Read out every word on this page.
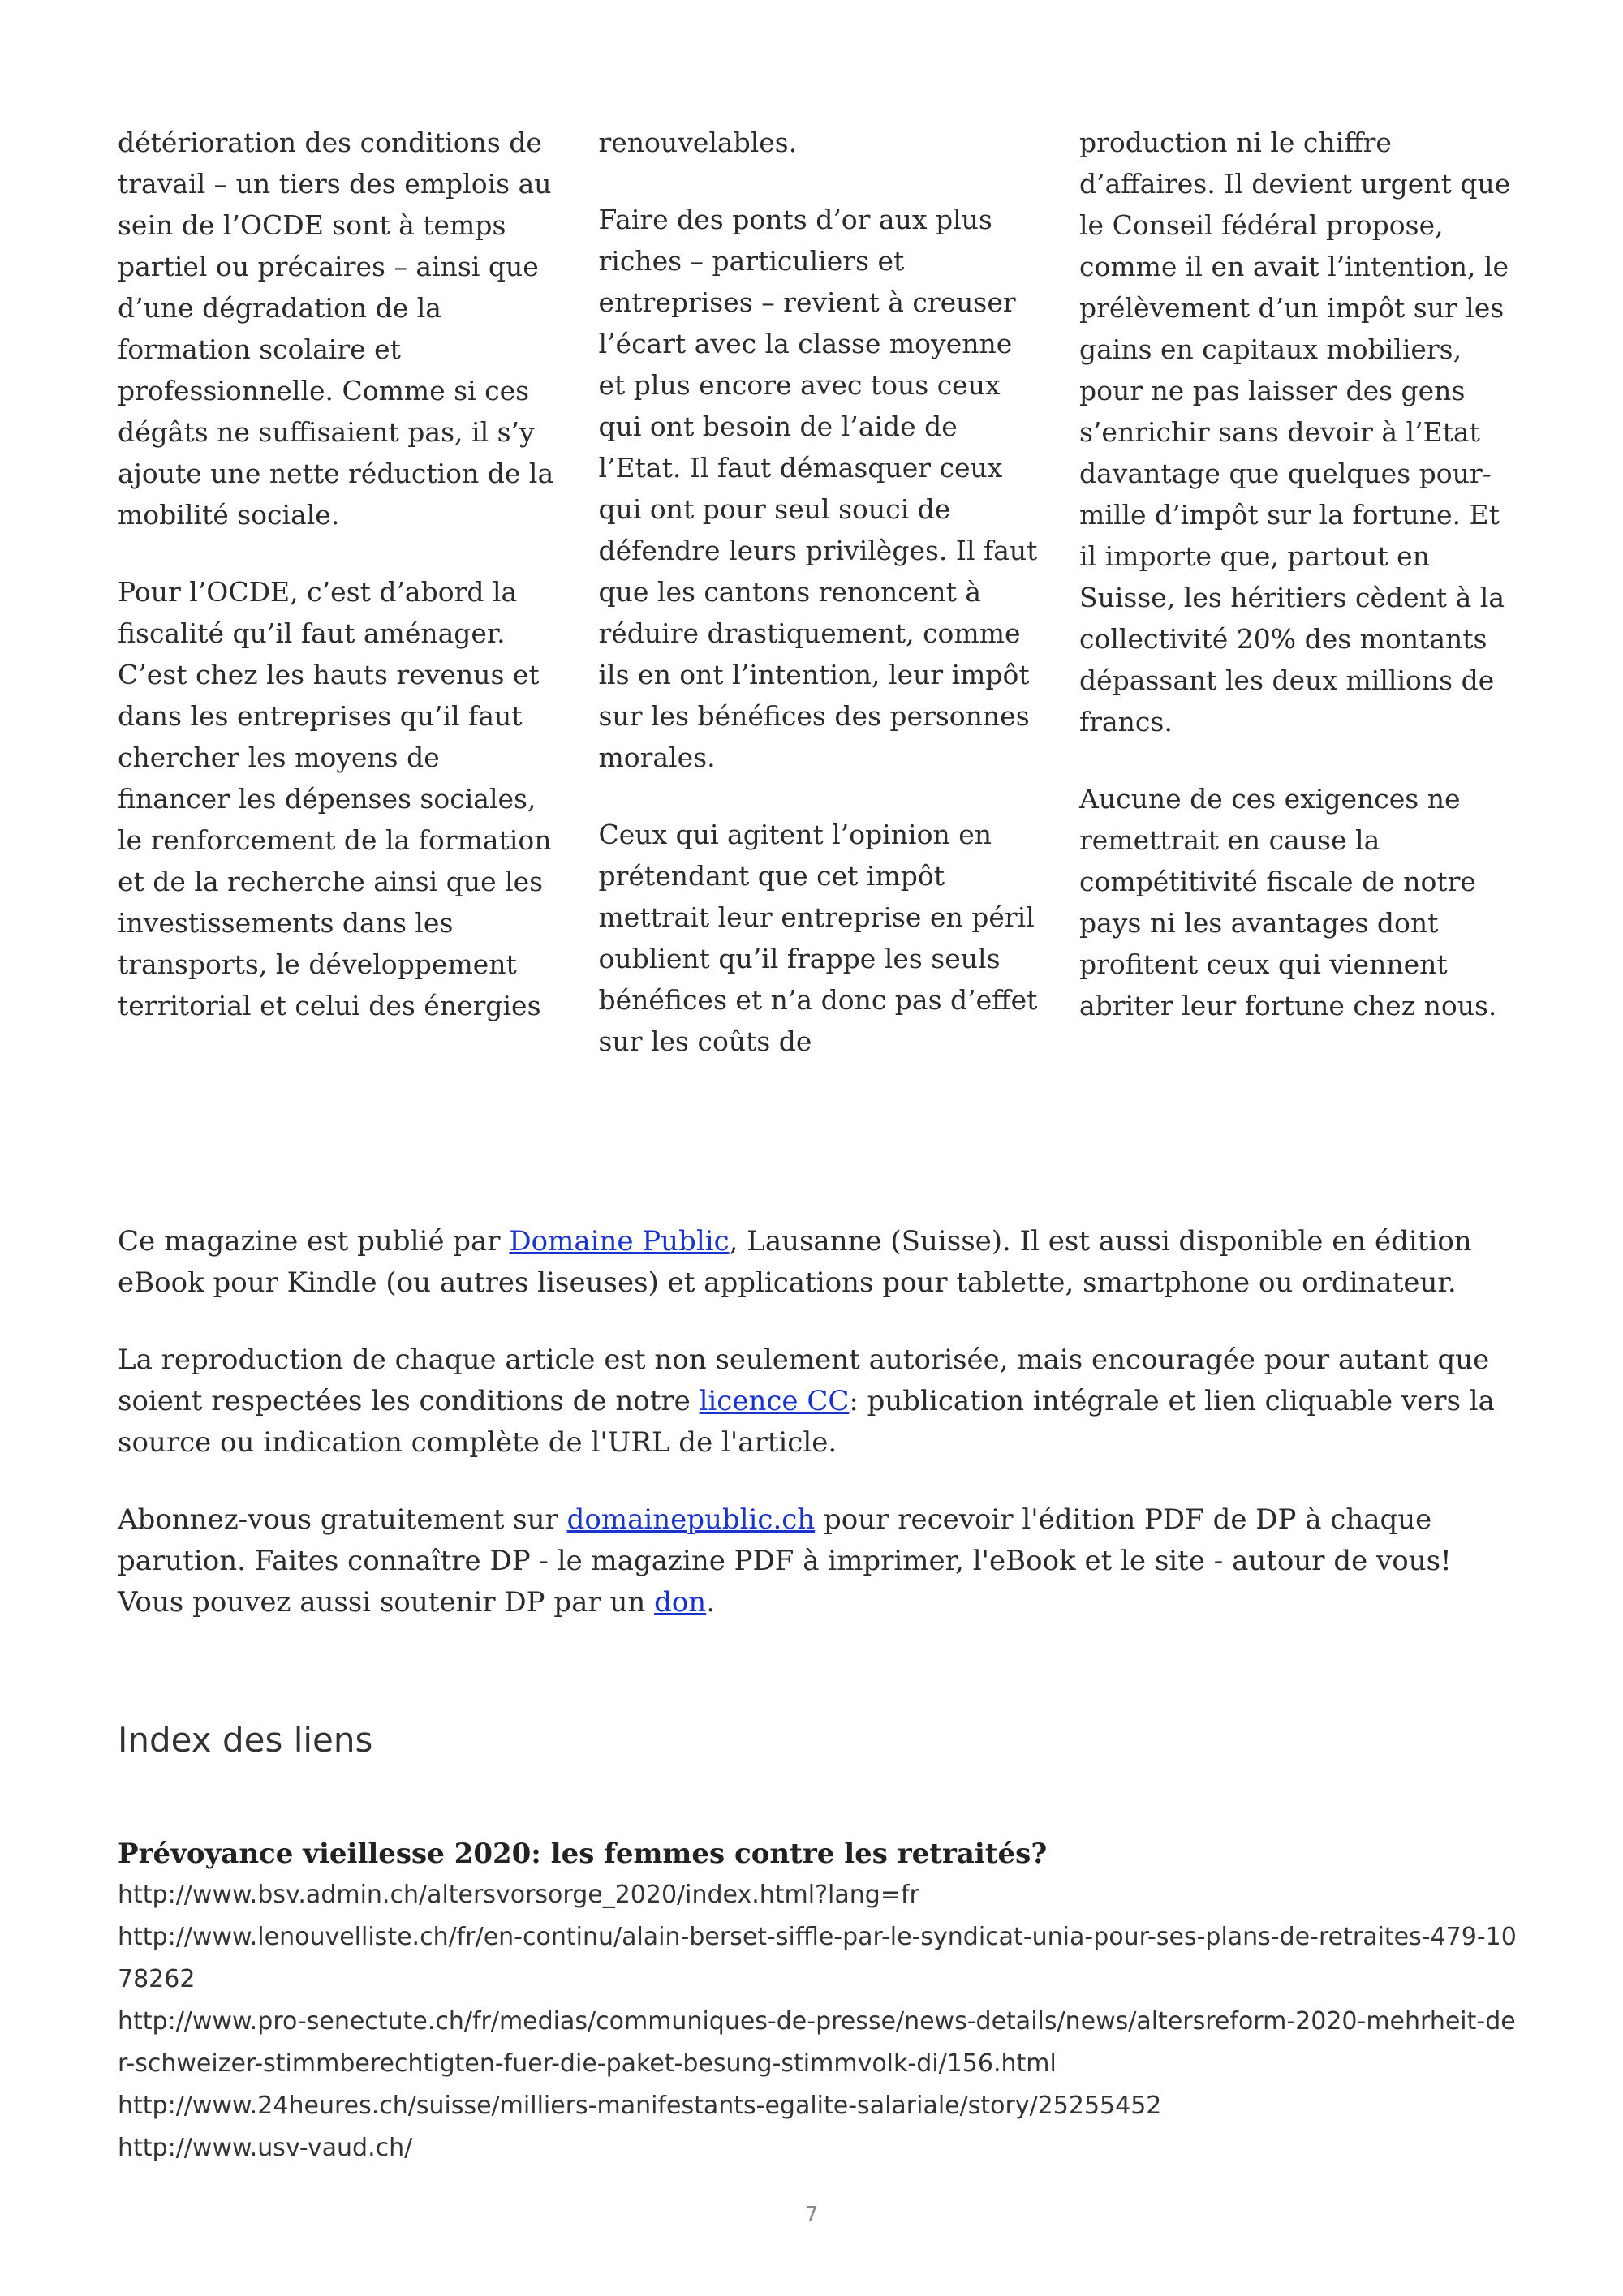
détérioration des conditions de travail – un tiers des emplois au sein de l’OCDE sont à temps partiel ou précaires – ainsi que d’une dégradation de la formation scolaire et professionnelle. Comme si ces dégâts ne suffisaient pas, il s’y ajoute une nette réduction de la mobilité sociale.

Pour l’OCDE, c’est d’abord la fiscalité qu’il faut aménager. C’est chez les hauts revenus et dans les entreprises qu’il faut chercher les moyens de financer les dépenses sociales, le renforcement de la formation et de la recherche ainsi que les investissements dans les transports, le développement territorial et celui des énergies

renouvelables.

Faire des ponts d’or aux plus riches – particuliers et entreprises – revient à creuser l’écart avec la classe moyenne et plus encore avec tous ceux qui ont besoin de l’aide de l’Etat. Il faut démasquer ceux qui ont pour seul souci de défendre leurs privilèges. Il faut que les cantons renoncent à réduire drastiquement, comme ils en ont l’intention, leur impôt sur les bénéfices des personnes morales.

Ceux qui agitent l’opinion en prétendant que cet impôt mettrait leur entreprise en péril oublient qu’il frappe les seuls bénéfices et n’a donc pas d’effet sur les coûts de

production ni le chiffre d’affaires. Il devient urgent que le Conseil fédéral propose, comme il en avait l’intention, le prélèvement d’un impôt sur les gains en capitaux mobiliers, pour ne pas laisser des gens s’enrichir sans devoir à l’Etat davantage que quelques pour-mille d’impôt sur la fortune. Et il importe que, partout en Suisse, les héritiers cèdent à la collectivité 20% des montants dépassant les deux millions de francs.

Aucune de ces exigences ne remettrait en cause la compétitivité fiscale de notre pays ni les avantages dont profitent ceux qui viennent abriter leur fortune chez nous.

Ce magazine est publié par Domaine Public, Lausanne (Suisse). Il est aussi disponible en édition eBook pour Kindle (ou autres liseuses) et applications pour tablette, smartphone ou ordinateur.

La reproduction de chaque article est non seulement autorisée, mais encouragée pour autant que soient respectées les conditions de notre licence CC: publication intégrale et lien cliquable vers la source ou indication complète de l'URL de l'article.

Abonnez-vous gratuitement sur domainepublic.ch pour recevoir l'édition PDF de DP à chaque parution. Faites connaître DP - le magazine PDF à imprimer, l'eBook et le site - autour de vous! Vous pouvez aussi soutenir DP par un don.

Index des liens

Prévoyance vieillesse 2020: les femmes contre les retraités?

http://www.bsv.admin.ch/altersvorsorge_2020/index.html?lang=fr

http://www.lenouvelliste.ch/fr/en-continu/alain-berset-siffle-par-le-syndicat-unia-pour-ses-plans-de-retraites-479-1078262

http://www.pro-senectute.ch/fr/medias/communiques-de-presse/news-details/news/altersreform-2020-mehrheit-der-schweizer-stimmberechtigten-fuer-die-paket-besung-stimmvolk-di/156.html

http://www.24heures.ch/suisse/milliers-manifestants-egalite-salariale/story/25255452

http://www.usv-vaud.ch/

7
